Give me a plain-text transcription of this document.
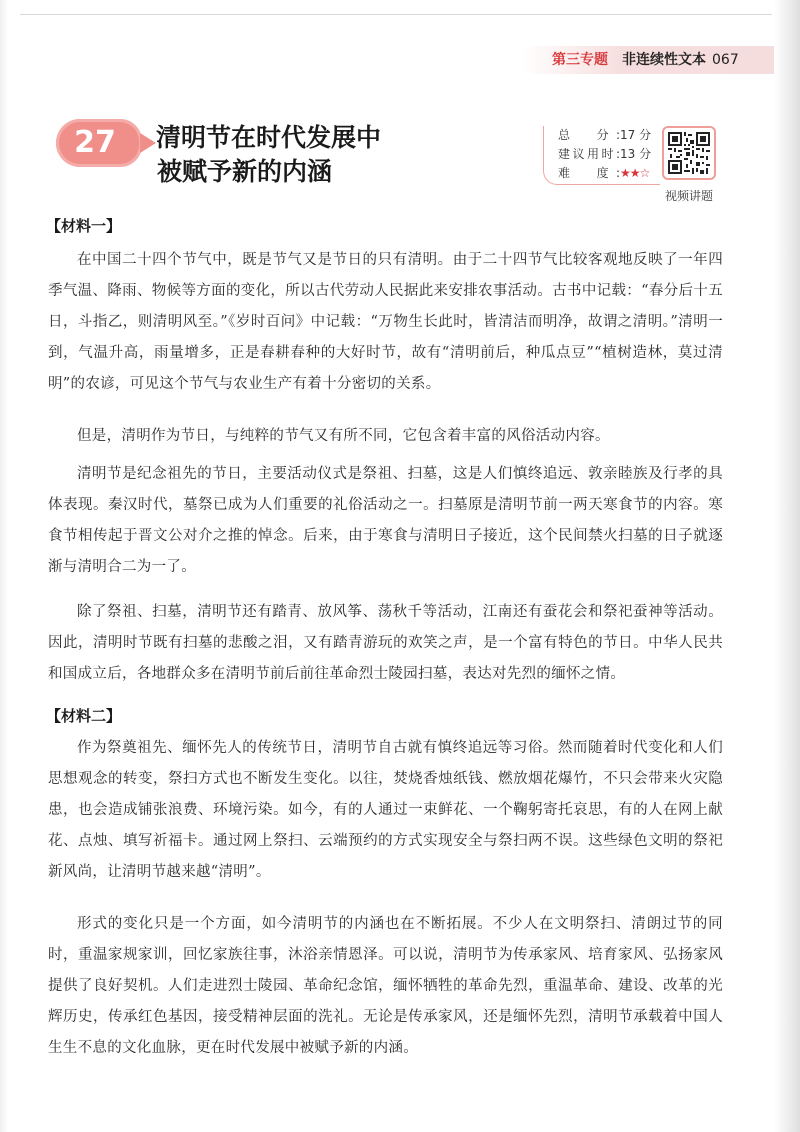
第三专题 非连续性文本 067
27	清明节在时代发展中
被赋予新的内涵
总　分:17 分
建议用时:13 分
难　度:★★☆
视频讲题
【材料一】

在中国二十四个节气中，既是节气又是节日的只有清明。由于二十四节气比较客观地反映了一年四季气温、降雨、物候等方面的变化，所以古代劳动人民据此来安排农事活动。古书中记载：“春分后十五日，斗指乙，则清明风至。”《岁时百问》中记载：“万物生长此时，皆清洁而明净，故谓之清明。”清明一到，气温升高，雨量增多，正是春耕春种的大好时节，故有“清明前后，种瓜点豆”“植树造林，莫过清明”的农谚，可见这个节气与农业生产有着十分密切的关系。

但是，清明作为节日，与纯粹的节气又有所不同，它包含着丰富的风俗活动内容。

清明节是纪念祖先的节日，主要活动仪式是祭祖、扫墓，这是人们慎终追远、敦亲睦族及行孝的具体表现。秦汉时代，墓祭已成为人们重要的礼俗活动之一。扫墓原是清明节前一两天寒食节的内容。寒食节相传起于晋文公对介之推的悼念。后来，由于寒食与清明日子接近，这个民间禁火扫墓的日子就逐渐与清明合二为一了。

除了祭祖、扫墓，清明节还有踏青、放风筝、荡秋千等活动，江南还有蚕花会和祭祀蚕神等活动。因此，清明时节既有扫墓的悲酸之泪，又有踏青游玩的欢笑之声，是一个富有特色的节日。中华人民共和国成立后，各地群众多在清明节前后前往革命烈士陵园扫墓，表达对先烈的缅怀之情。

【材料二】

作为祭奠祖先、缅怀先人的传统节日，清明节自古就有慎终追远等习俗。然而随着时代变化和人们思想观念的转变，祭扫方式也不断发生变化。以往，焚烧香烛纸钱、燃放烟花爆竹，不只会带来火灾隐患，也会造成铺张浪费、环境污染。如今，有的人通过一束鲜花、一个鞠躬寄托哀思，有的人在网上献花、点烛、填写祈福卡。通过网上祭扫、云端预约的方式实现安全与祭扫两不误。这些绿色文明的祭祀新风尚，让清明节越来越“清明”。

形式的变化只是一个方面，如今清明节的内涵也在不断拓展。不少人在文明祭扫、清朗过节的同时，重温家规家训，回忆家族往事，沐浴亲情恩泽。可以说，清明节为传承家风、培育家风、弘扬家风提供了良好契机。人们走进烈士陵园、革命纪念馆，缅怀牺牲的革命先烈，重温革命、建设、改革的光辉历史，传承红色基因，接受精神层面的洗礼。无论是传承家风，还是缅怀先烈，清明节承载着中国人生生不息的文化血脉，更在时代发展中被赋予新的内涵。
